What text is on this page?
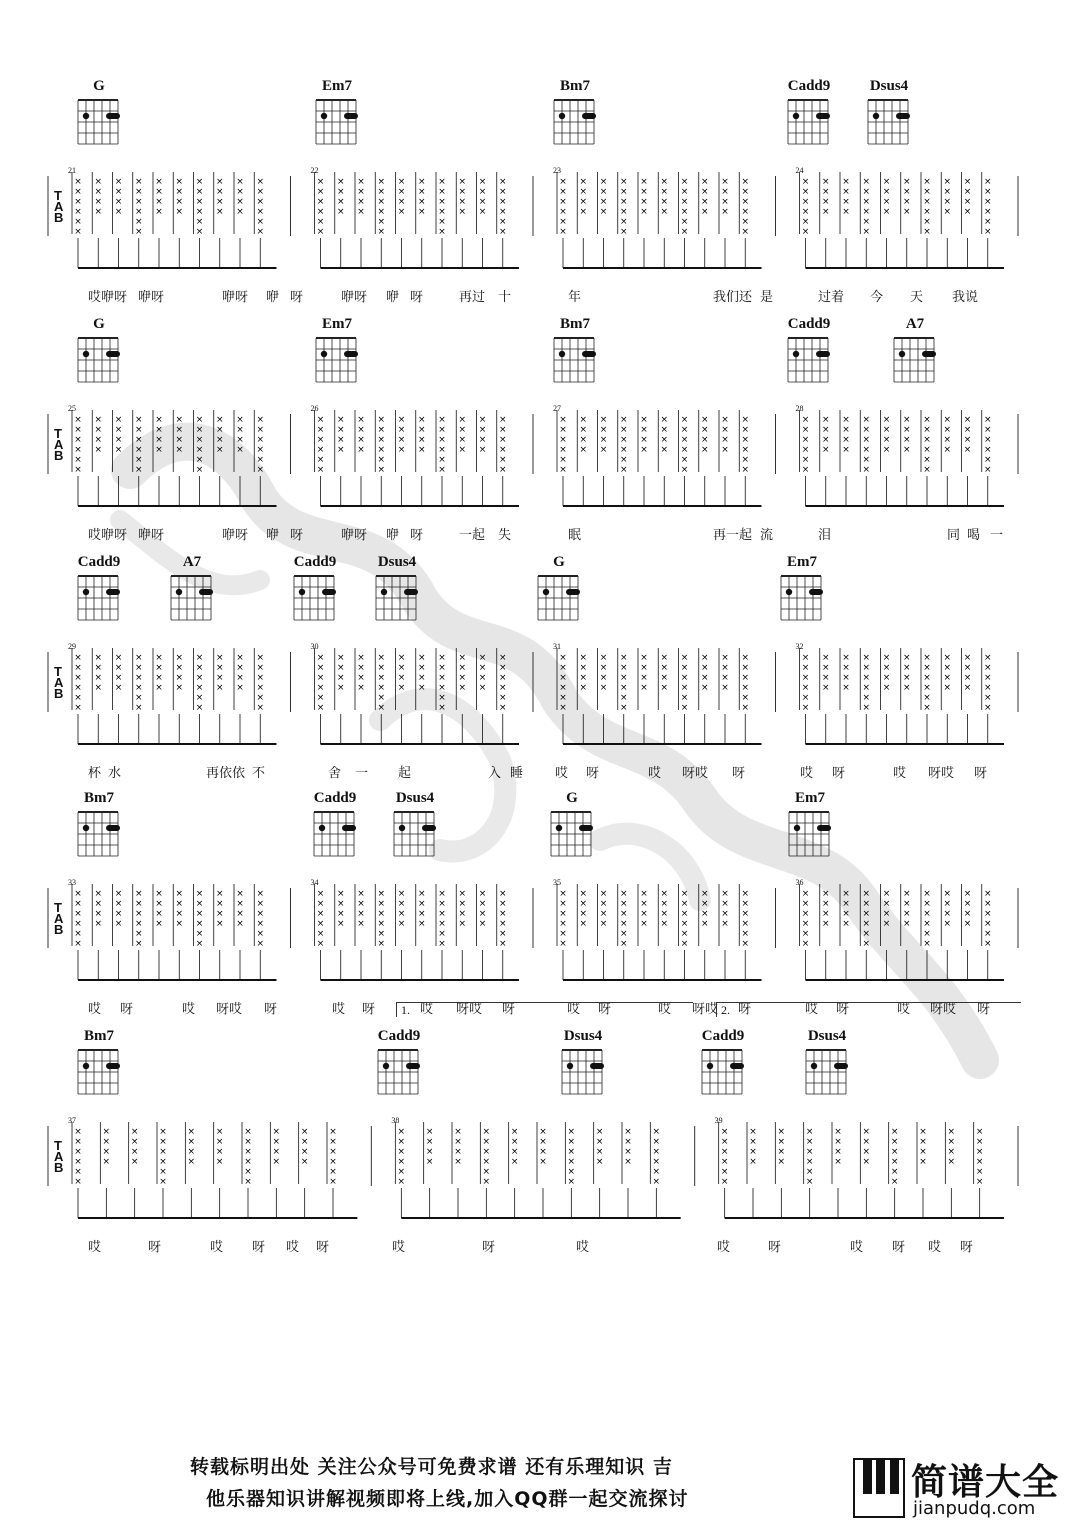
G	Em7	Bm7	Cadd9	Dsus4
T
A
B
×
×
×
×
×
×
×
×
×
×
×
×
×
×
×
×
×
×
×
×
×
×
×
×
×
×
×
×
×
×
×
×
×
×
×
×
×
×
×
×
×
×
×
×
×
×
×
×
×
×
×
×
×
×
×
×
×
×
×
×
×
×
×
×
×
×
×
×
×
×
×
×
×
×
×
×
×
×
×
×
×
×
×
×
×
×
×
×
×
×
×
×
×
×
×
×
×
×
×
×
×
×
×
×
×
×
×
×
×
×
×
×
×
×
×
×
×
×
×
×
×
×
×
×
×
×
×
×
×
×
×
×
×
×
×
×
×
×
×
×
×
×
×
×
×
×
×
×
×
×
×
×
×
×
×
×
×
×
×
×
×
×
×
×
×
×
×
×
×
×
×
×
×
×
×
×
×
×
×
×
×
×
×
×
×
×
×
×
×
×
×
×
21	22	23	24
哎咿呀 咿呀	咿呀 咿 呀	咿呀 咿 呀	再过 十	年	我们还 是	过着 今 天 我说
G	Em7	Bm7	Cadd9	A7
T
A
B
×
×
×
×
×
×
×
×
×
×
×
×
×
×
×
×
×
×
×
×
×
×
×
×
×
×
×
×
×
×
×
×
×
×
×
×
×
×
×
×
×
×
×
×
×
×
×
×
×
×
×
×
×
×
×
×
×
×
×
×
×
×
×
×
×
×
×
×
×
×
×
×
×
×
×
×
×
×
×
×
×
×
×
×
×
×
×
×
×
×
×
×
×
×
×
×
×
×
×
×
×
×
×
×
×
×
×
×
×
×
×
×
×
×
×
×
×
×
×
×
×
×
×
×
×
×
×
×
×
×
×
×
×
×
×
×
×
×
×
×
×
×
×
×
×
×
×
×
×
×
×
×
×
×
×
×
×
×
×
×
×
×
×
×
×
×
×
×
×
×
×
×
×
×
×
×
×
×
×
×
×
×
×
×
×
×
×
×
×
×
×
×
25	26	27	28
哎咿呀 咿呀	咿呀 咿 呀	咿呀 咿 呀	一起 失	眠	再一起 流	泪	同 喝 一
Cadd9	A7	Cadd9	Dsus4	G	Em7
T
A
B
×
×
×
×
×
×
×
×
×
×
×
×
×
×
×
×
×
×
×
×
×
×
×
×
×
×
×
×
×
×
×
×
×
×
×
×
×
×
×
×
×
×
×
×
×
×
×
×
×
×
×
×
×
×
×
×
×
×
×
×
×
×
×
×
×
×
×
×
×
×
×
×
×
×
×
×
×
×
×
×
×
×
×
×
×
×
×
×
×
×
×
×
×
×
×
×
×
×
×
×
×
×
×
×
×
×
×
×
×
×
×
×
×
×
×
×
×
×
×
×
×
×
×
×
×
×
×
×
×
×
×
×
×
×
×
×
×
×
×
×
×
×
×
×
×
×
×
×
×
×
×
×
×
×
×
×
×
×
×
×
×
×
×
×
×
×
×
×
×
×
×
×
×
×
×
×
×
×
×
×
×
×
×
×
×
×
×
×
×
×
×
×
29	30	31	32
杯 水	再依依 不	舍 一 起	入 睡 哎 呀	哎 呀哎 呀	哎 呀	哎 呀哎 呀
Bm7	Cadd9	Dsus4	G	Em7
T
A
B
×
×
×
×
×
×
×
×
×
×
×
×
×
×
×
×
×
×
×
×
×
×
×
×
×
×
×
×
×
×
×
×
×
×
×
×
×
×
×
×
×
×
×
×
×
×
×
×
×
×
×
×
×
×
×
×
×
×
×
×
×
×
×
×
×
×
×
×
×
×
×
×
×
×
×
×
×
×
×
×
×
×
×
×
×
×
×
×
×
×
×
×
×
×
×
×
×
×
×
×
×
×
×
×
×
×
×
×
×
×
×
×
×
×
×
×
×
×
×
×
×
×
×
×
×
×
×
×
×
×
×
×
×
×
×
×
×
×
×
×
×
×
×
×
×
×
×
×
×
×
×
×
×
×
×
×
×
×
×
×
×
×
×
×
×
×
×
×
×
×
×
×
×
×
×
×
×
×
×
×
×
×
×
×
×
×
×
×
×
×
×
×
33	34	35	36
哎 呀	哎 呀哎 呀	哎 呀	哎 呀哎 呀	哎 呀	哎 呀哎 呀	哎 呀	哎 呀哎 呀
Bm7	Cadd9	Dsus4	Cadd9	Dsus4
T
A
B
×
×
×
×
×
×
×
×
×
×
×
×
×
×
×
×
×
×
×
×
×
×
×
×
×
×
×
×
×
×
×
×
×
×
×
×
×
×
×
×
×
×
×
×
×
×
×
×
×
×
×
×
×
×
×
×
×
×
×
×
×
×
×
×
×
×
×
×
×
×
×
×
×
×
×
×
×
×
×
×
×
×
×
×
×
×
×
×
×
×
×
×
×
×
×
×
×
×
×
×
×
×
×
×
×
×
×
×
×
×
×
×
×
×
×
×
×
×
×
×
×
×
×
×
×
×
×
×
×
×
×
×
×
×
×
×
×
×
×
×
×
×
×
×
37	38	39
1.	2.
哎	呀	哎 呀 哎 呀	哎	呀	哎	哎	呀	哎 呀 哎 呀
转载标明出处 关注公众号可免费求谱 还有乐理知识 吉
他乐器知识讲解视频即将上线,加入QQ群一起交流探讨	简谱大全
jianpudq.com
